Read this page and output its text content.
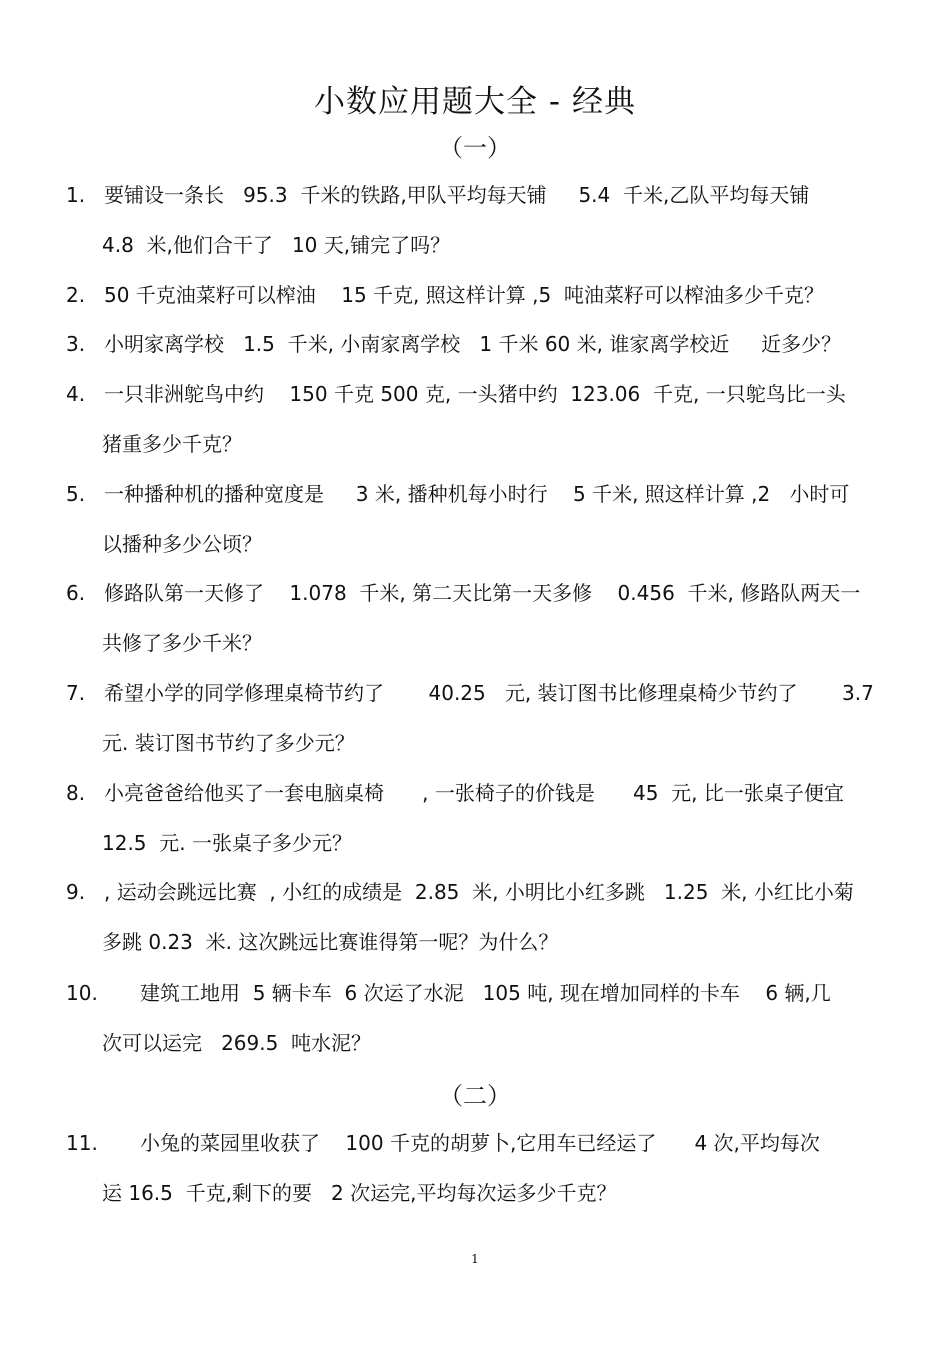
小数应用题大全 - 经典
（一）
1. 要铺设一条长   95.3  千米的铁路,甲队平均每天铺     5.4  千米,乙队平均每天铺
4.8  米,他们合干了   10 天,铺完了吗？
2. 50 千克油菜籽可以榨油    15 千克, 照这样计算 ,5  吨油菜籽可以榨油多少千克？
3. 小明家离学校   1.5  千米, 小南家离学校   1 千米 60 米, 谁家离学校近     近多少？
4. 一只非洲鸵鸟中约    150 千克 500 克, 一头猪中约  123.06  千克, 一只鸵鸟比一头
猪重多少千克？
5. 一种播种机的播种宽度是     3 米, 播种机每小时行    5 千米, 照这样计算 ,2   小时可
以播种多少公顷？
6. 修路队第一天修了    1.078  千米, 第二天比第一天多修    0.456  千米, 修路队两天一
共修了多少千米？
7. 希望小学的同学修理桌椅节约了       40.25   元, 装订图书比修理桌椅少节约了       3.7
元. 装订图书节约了多少元？
8. 小亮爸爸给他买了一套电脑桌椅      , 一张椅子的价钱是      45  元, 比一张桌子便宜
12.5  元. 一张桌子多少元？
9. , 运动会跳远比赛  , 小红的成绩是  2.85  米, 小明比小红多跳   1.25  米, 小红比小菊
多跳 0.23  米. 这次跳远比赛谁得第一呢？为什么？
10. 建筑工地用  5 辆卡车  6 次运了水泥   105 吨, 现在增加同样的卡车    6 辆,几
次可以运完   269.5  吨水泥？
（二）
11. 小兔的菜园里收获了    100 千克的胡萝卜,它用车已经运了      4 次,平均每次
运 16.5  千克,剩下的要   2 次运完,平均每次运多少千克？
1
